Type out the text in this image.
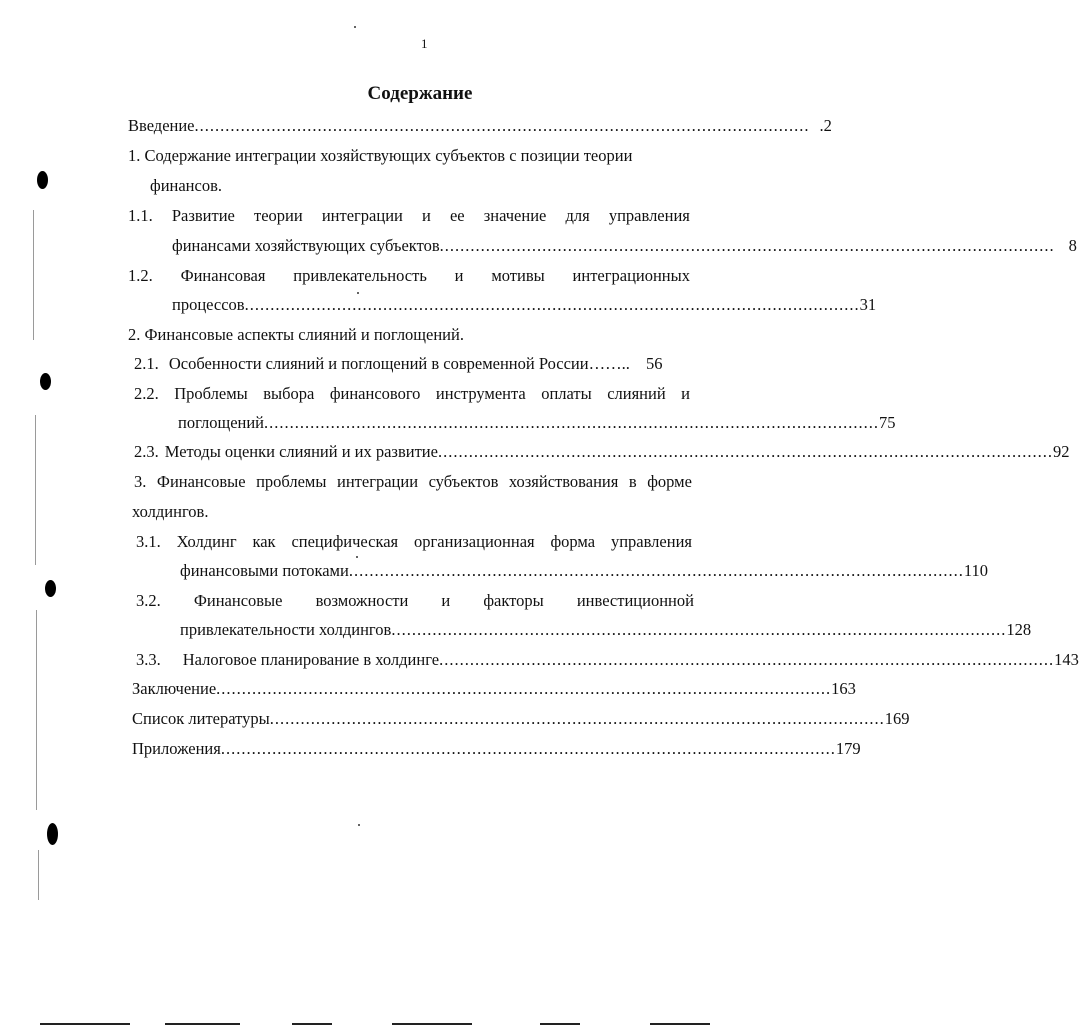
1
Содержание
Введение ........................................................................................................................ .2
1. Содержание интеграции хозяйствующих субъектов с позиции теории
финансов.
1.1. Развитие теории интеграции и ее значение для управления
финансами хозяйствующих субъектов ........................................................................................................................ 8
1.2. Финансовая привлекательность и мотивы интеграционных
процессов ........................................................................................................................ 31
2. Финансовые аспекты слияний и поглощений.
2.1. Особенности слияний и поглощений в современной России…….. 56
2.2. Проблемы выбора финансового инструмента оплаты слияний и
поглощений ........................................................................................................................ 75
2.3. Методы оценки слияний и их развитие ........................................................................................................................ 92
3. Финансовые проблемы интеграции субъектов хозяйствования в форме
холдингов.
3.1. Холдинг как специфическая организационная форма управления
финансовыми потоками ........................................................................................................................ 110
3.2. Финансовые возможности и факторы инвестиционной
привлекательности холдингов ........................................................................................................................ 128
3.3. Налоговое планирование в холдинге ........................................................................................................................ 143
Заключение ........................................................................................................................ 163
Список литературы ........................................................................................................................ 169
Приложения ........................................................................................................................ 179
